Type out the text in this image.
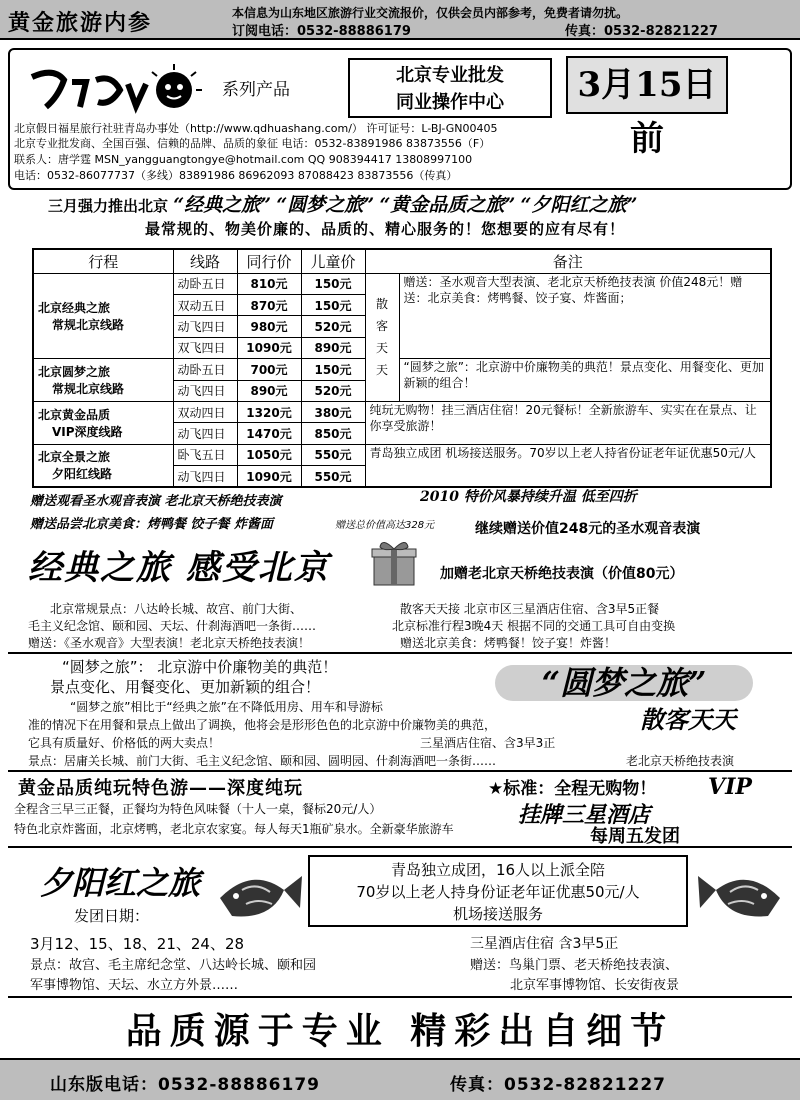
黄金旅游内参	本信息为山东地区旅游行业交流报价，仅供会员内部参考，免费者请勿扰。
订阅电话：0532-88886179	传真：0532-82821227
系列产品
北京专业批发
同业操作中心	3月15日前
北京假日福星旅行社驻青岛办事处（http://www.qdhuashang.com/） 许可证号：L-BJ-GN00405
北京专业批发商、全国百强、信赖的品牌、品质的象征 电话：0532-83891986 83873556（F）
联系人：唐学霆 MSN_yangguangtongye@hotmail.com QQ 908394417 13808997100
电话：0532-86077737（多线）83891986 86962093 87088423 83873556（传真）
三月强力推出北京 “经典之旅” “圆梦之旅” “黄金品质之旅” “夕阳红之旅”
最常规的、物美价廉的、品质的、精心服务的！您想要的应有尽有！
行程	线路	同行价	儿童价	备注	

北京经典之旅
常规北京线路	动卧五日	810元	150元	散客天天	赠送：圣水观音大型表演、老北京天桥绝技表演 价值248元！赠送：北京美食：烤鸭餐、饺子宴、炸酱面；
	双动五日	870元	150元		
	动飞四日	980元	520元		
	双飞四日	1090元	890元		

北京圆梦之旅
常规北京线路	动卧五日	700元	150元		“圆梦之旅”：北京游中价廉物美的典范！景点变化、用餐变化、更加新颖的组合！
	动飞四日	890元	520元		

北京黄金品质
VIP深度线路	双动四日	1320元	380元	纯玩无购物！挂三酒店住宿！20元餐标！全新旅游车、实实在在景点、让你享受旅游！	
	动飞四日	1470元	850元		

北京全景之旅
夕阳红线路	卧飞五日	1050元	550元	青岛独立成团 机场接送服务。70岁以上老人持省份证老年证优惠50元/人	
	动飞四日	1090元	550元		
赠送观看圣水观音表演 老北京天桥绝技表演
赠送品尝北京美食：烤鸭餐 饺子餐 炸酱面	赠送总价值高达328元
2010 特价风暴持续升温 低至四折
继续赠送价值248元的圣水观音表演
经典之旅 感受北京	加赠老北京天桥绝技表演（价值80元）
北京常规景点：八达岭长城、故宫、前门大街、
毛主义纪念馆、颐和园、天坛、什刹海酒吧一条街……
赠送：《圣水观音》大型表演！老北京天桥绝技表演！
散客天天接 北京市区三星酒店住宿、含3早5正餐
北京标准行程3晚4天 根据不同的交通工具可自由变换
赠送北京美食：烤鸭餐！饺子宴！炸酱！
“圆梦之旅”： 北京游中价廉物美的典范！
景点变化、用餐变化、更加新颖的组合！	“圆梦之旅”
“圆梦之旅”相比于“经典之旅”在不降低用房、用车和导游标
准的情况下在用餐和景点上做出了调换，他将会是形形色色的北京游中价廉物美的典范，
它具有质量好、价格低的两大卖点！
散客天天
三星酒店住宿、含3早3正
景点：居庸关长城、前门大街、毛主义纪念馆、颐和园、圆明园、什刹海酒吧一条街……	老北京天桥绝技表演
黄金品质纯玩特色游——深度纯玩	★标准：全程无购物！
全程含三早三正餐，正餐均为特色风味餐（十人一桌，餐标20元/人）
特色北京炸酱面，北京烤鸭，老北京农家宴。每人每天1瓶矿泉水。全新豪华旅游车
VIP
挂牌三星酒店
每周五发团
夕阳红之旅
发团日期：
青岛独立成团，16人以上派全陪
70岁以上老人持身份证老年证优惠50元/人
机场接送服务
3月12、15、18、21、24、28	三星酒店住宿 含3早5正
景点：故宫、毛主席纪念堂、八达岭长城、颐和园
军事博物馆、天坛、水立方外景……
赠送：鸟巢门票、老天桥绝技表演、
北京军事博物馆、长安街夜景
品质源于专业 精彩出自细节
山东版电话：0532-88886179	传真：0532-82821227
